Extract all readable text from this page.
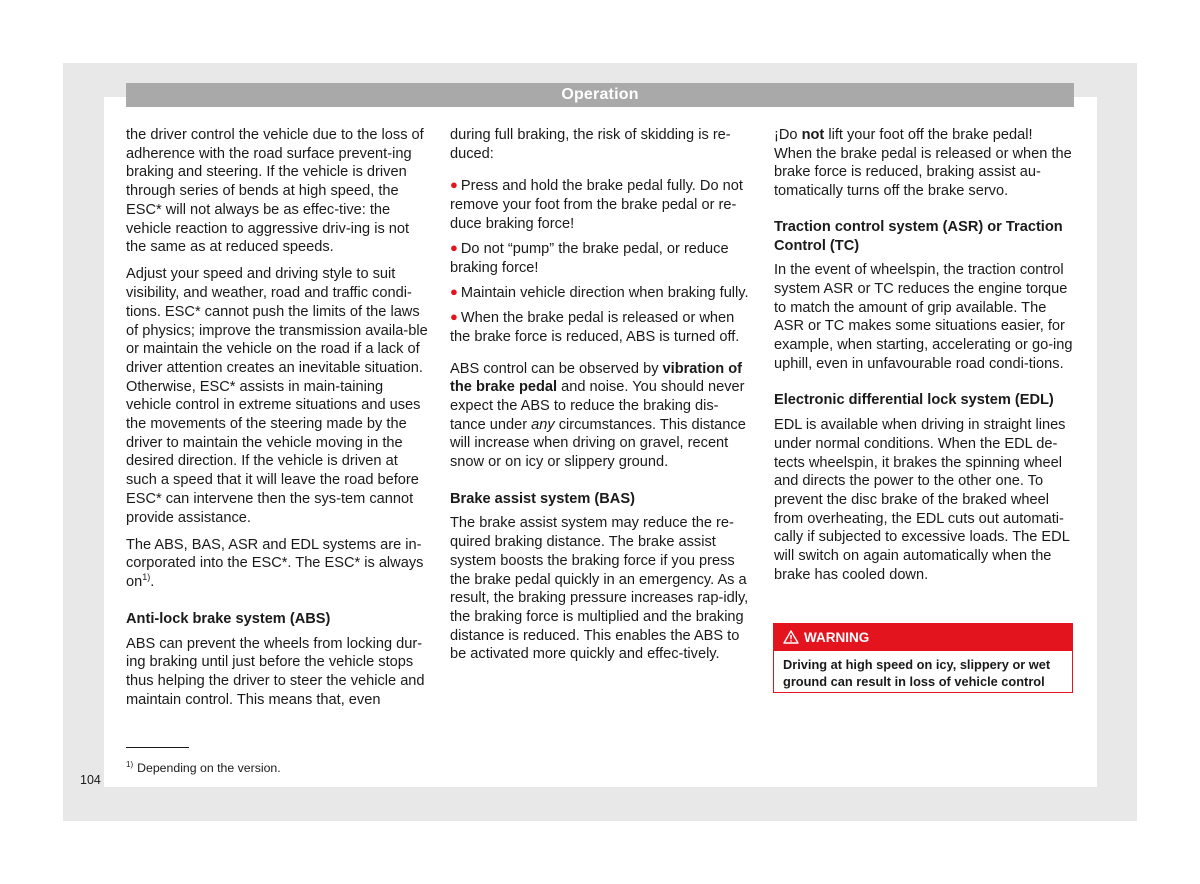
Operation

the driver control the vehicle due to the loss of adherence with the road surface prevent-ing braking and steering. If the vehicle is driven through series of bends at high speed, the ESC* will not always be as effec-tive: the vehicle reaction to aggressive driv-ing is not the same as at reduced speeds.

Adjust your speed and driving style to suit visibility, and weather, road and traffic condi-tions. ESC* cannot push the limits of the laws of physics; improve the transmission availa-ble or maintain the vehicle on the road if a lack of driver attention creates an inevitable situation. Otherwise, ESC* assists in main-taining vehicle control in extreme situations and uses the movements of the steering made by the driver to maintain the vehicle moving in the desired direction. If the vehicle is driven at such a speed that it will leave the road before ESC* can intervene then the sys-tem cannot provide assistance.

The ABS, BAS, ASR and EDL systems are in-corporated into the ESC*. The ESC* is always $on^{1)}$.

Anti-lock brake system (ABS)

ABS can prevent the wheels from locking dur-ing braking until just before the vehicle stops thus helping the driver to steer the vehicle and maintain control. This means that, even

during full braking, the risk of skidding is re-duced:

● Press and hold the brake pedal fully. Do not remove your foot from the brake pedal or re-duce braking force!

● Do not “pump” the brake pedal, or reduce braking force!

● Maintain vehicle direction when braking fully.

● When the brake pedal is released or when the brake force is reduced, ABS is turned off.

ABS control can be observed by vibration of the brake pedal and noise. You should never expect the ABS to reduce the braking dis-tance under any circumstances. This distance will increase when driving on gravel, recent snow or on icy or slippery ground.

Brake assist system (BAS)

The brake assist system may reduce the re-quired braking distance. The brake assist system boosts the braking force if you press the brake pedal quickly in an emergency. As a result, the braking pressure increases rap-idly, the braking force is multiplied and the braking distance is reduced. This enables the ABS to be activated more quickly and effec-tively.

¡Do not lift your foot off the brake pedal! When the brake pedal is released or when the brake force is reduced, braking assist au-tomatically turns off the brake servo.

Traction control system (ASR) or Traction Control (TC)

In the event of wheelspin, the traction control system ASR or TC reduces the engine torque to match the amount of grip available. The ASR or TC makes some situations easier, for example, when starting, accelerating or go-ing uphill, even in unfavourable road condi-tions.

Electronic differential lock system (EDL)

EDL is available when driving in straight lines under normal conditions. When the EDL de-tects wheelspin, it brakes the spinning wheel and directs the power to the other one. To prevent the disc brake of the braked wheel from overheating, the EDL cuts out automati-cally if subjected to excessive loads. The EDL will switch on again automatically when the brake has cooled down.

WARNING
Driving at high speed on icy, slippery or wet ground can result in loss of vehicle control
$^{1)}$ Depending on the version.
104
